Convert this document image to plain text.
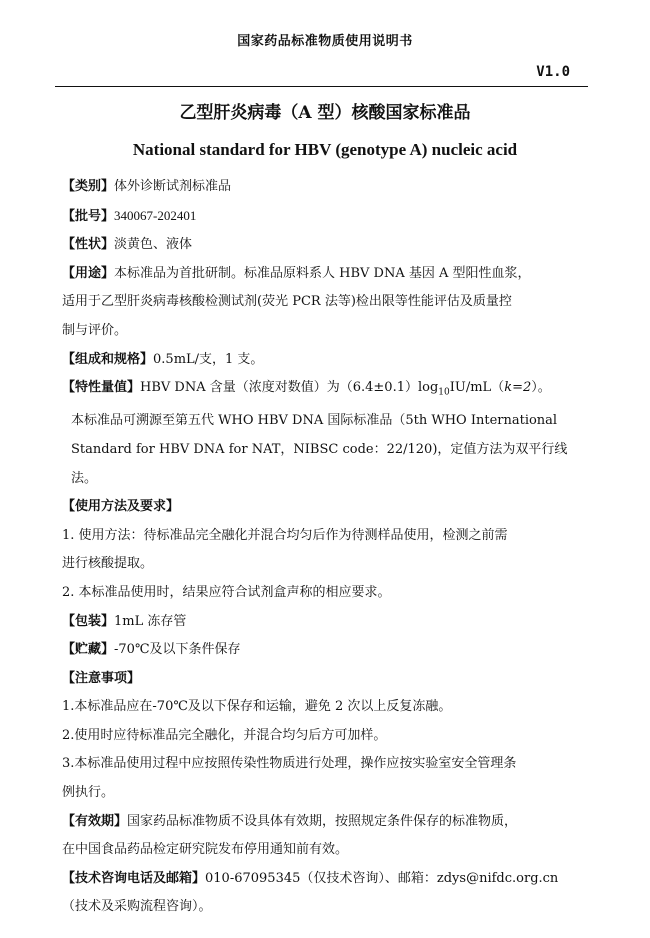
国家药品标准物质使用说明书
V1.0
乙型肝炎病毒（A 型）核酸国家标准品
National standard for HBV (genotype A) nucleic acid

【类别】体外诊断试剂标准品

【批号】340067-202401

【性状】淡黄色、液体

【用途】本标准品为首批研制。标准品原料系人 HBV DNA 基因 A 型阳性血浆，

适用于乙型肝炎病毒核酸检测试剂(荧光 PCR 法等)检出限等性能评估及质量控

制与评价。

【组成和规格】0.5mL/支，1 支。

【特性量值】HBV DNA 含量（浓度对数值）为$(6.4\pm 0.1)\log_{10}IU/mL(k=2)$。

本标准品可溯源至第五代 WHO HBV DNA 国际标准品（5th WHO International

Standard for HBV DNA for NAT，NIBSC code：22/120)，定值方法为双平行线

法。

【使用方法及要求】

1. 使用方法：待标准品完全融化并混合均匀后作为待测样品使用，检测之前需

进行核酸提取。

2. 本标准品使用时，结果应符合试剂盒声称的相应要求。

【包装】1mL 冻存管

【贮藏】-70℃及以下条件保存

【注意事项】

1.本标准品应在-70℃及以下保存和运输，避免 2 次以上反复冻融。

2.使用时应待标准品完全融化，并混合均匀后方可加样。

3.本标准品使用过程中应按照传染性物质进行处理，操作应按实验室安全管理条

例执行。

【有效期】国家药品标准物质不设具体有效期，按照规定条件保存的标准物质，

在中国食品药品检定研究院发布停用通知前有效。

【技术咨询电话及邮箱】010-67095345（仅技术咨询）、邮箱：zdys@nifdc.org.cn

（技术及采购流程咨询）。
